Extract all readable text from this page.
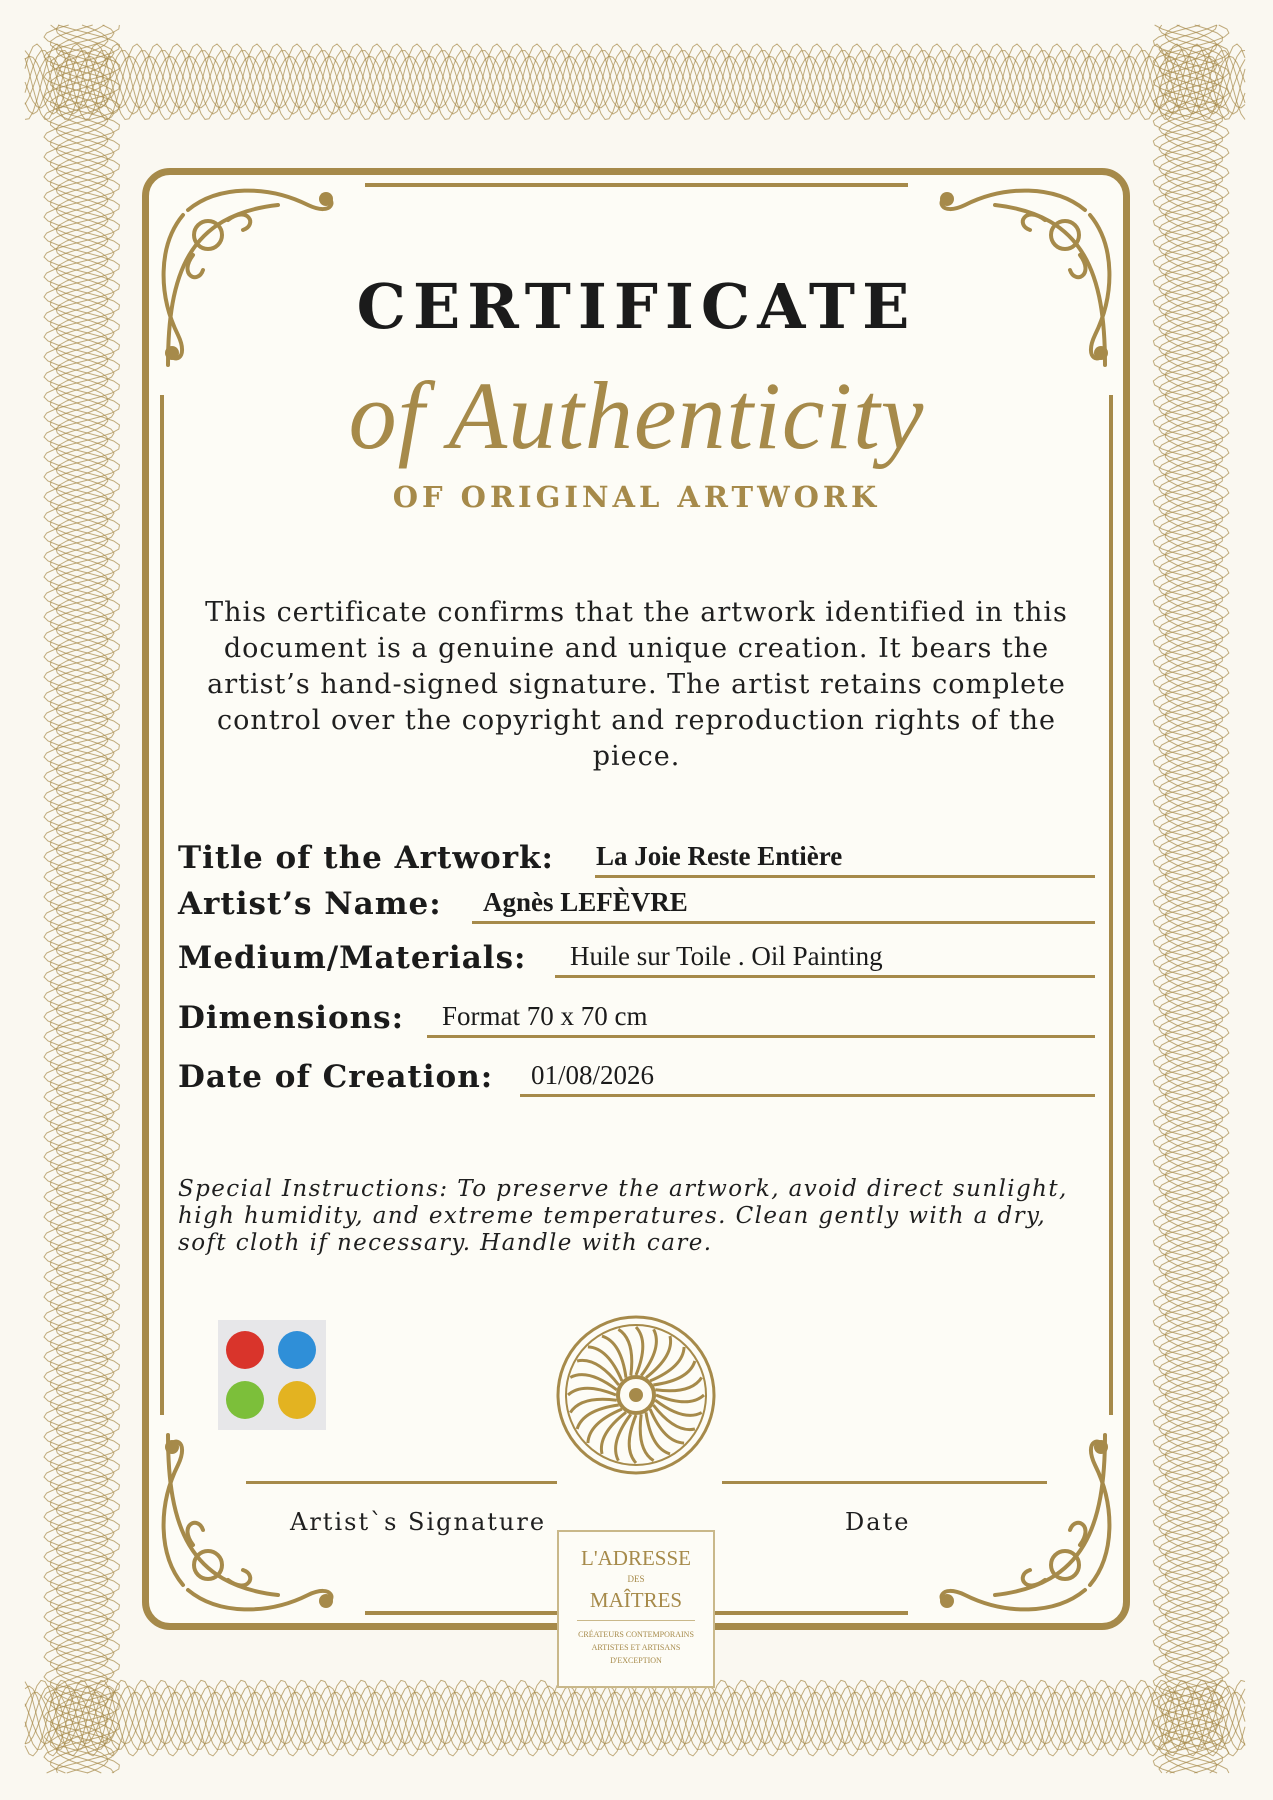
CERTIFICATE
of Authenticity
OF ORIGINAL ARTWORK
This certificate confirms that the artwork identified in this document is a genuine and unique creation. It bears the artist’s hand-signed signature. The artist retains complete control over the copyright and reproduction rights of the piece.
Title of the Artwork: La Joie Reste Entière
Artist’s Name: Agnès LEFÈVRE
Medium/Materials: Huile sur Toile . Oil Painting
Dimensions: Format 70 x 70 cm
Date of Creation: 01/08/2026
Special Instructions: To preserve the artwork, avoid direct sunlight, high humidity, and extreme temperatures. Clean gently with a dry, soft cloth if necessary. Handle with care.
Artist`s Signature	Date
L'ADRESSE
DES
MAÎTRES
CRÉATEURS CONTEMPORAINS ARTISTES ET ARTISANS D'EXCEPTION
